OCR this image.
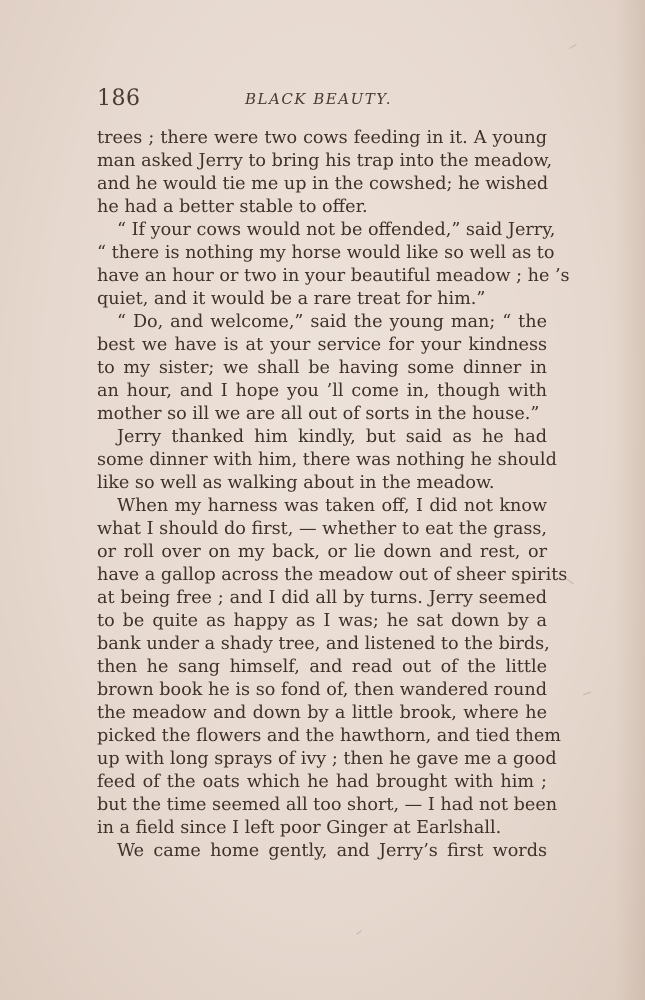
186	BLACK BEAUTY.
trees ; there were two cows feeding in it. A young
man asked Jerry to bring his trap into the meadow,
and he would tie me up in the cowshed; he wished
he had a better stable to offer.
“ If your cows would not be offended,” said Jerry,
“ there is nothing my horse would like so well as to
have an hour or two in your beautiful meadow ; he ’s
quiet, and it would be a rare treat for him.”
“ Do, and welcome,” said the young man; “ the
best we have is at your service for your kindness
to my sister; we shall be having some dinner in
an hour, and I hope you ’ll come in, though with
mother so ill we are all out of sorts in the house.”
Jerry thanked him kindly, but said as he had
some dinner with him, there was nothing he should
like so well as walking about in the meadow.
When my harness was taken off, I did not know
what I should do first, — whether to eat the grass,
or roll over on my back, or lie down and rest, or
have a gallop across the meadow out of sheer spirits
at being free ; and I did all by turns. Jerry seemed
to be quite as happy as I was; he sat down by a
bank under a shady tree, and listened to the birds,
then he sang himself, and read out of the little
brown book he is so fond of, then wandered round
the meadow and down by a little brook, where he
picked the flowers and the hawthorn, and tied them
up with long sprays of ivy ; then he gave me a good
feed of the oats which he had brought with him ;
but the time seemed all too short, — I had not been
in a field since I left poor Ginger at Earlshall.
We came home gently, and Jerry’s first words
